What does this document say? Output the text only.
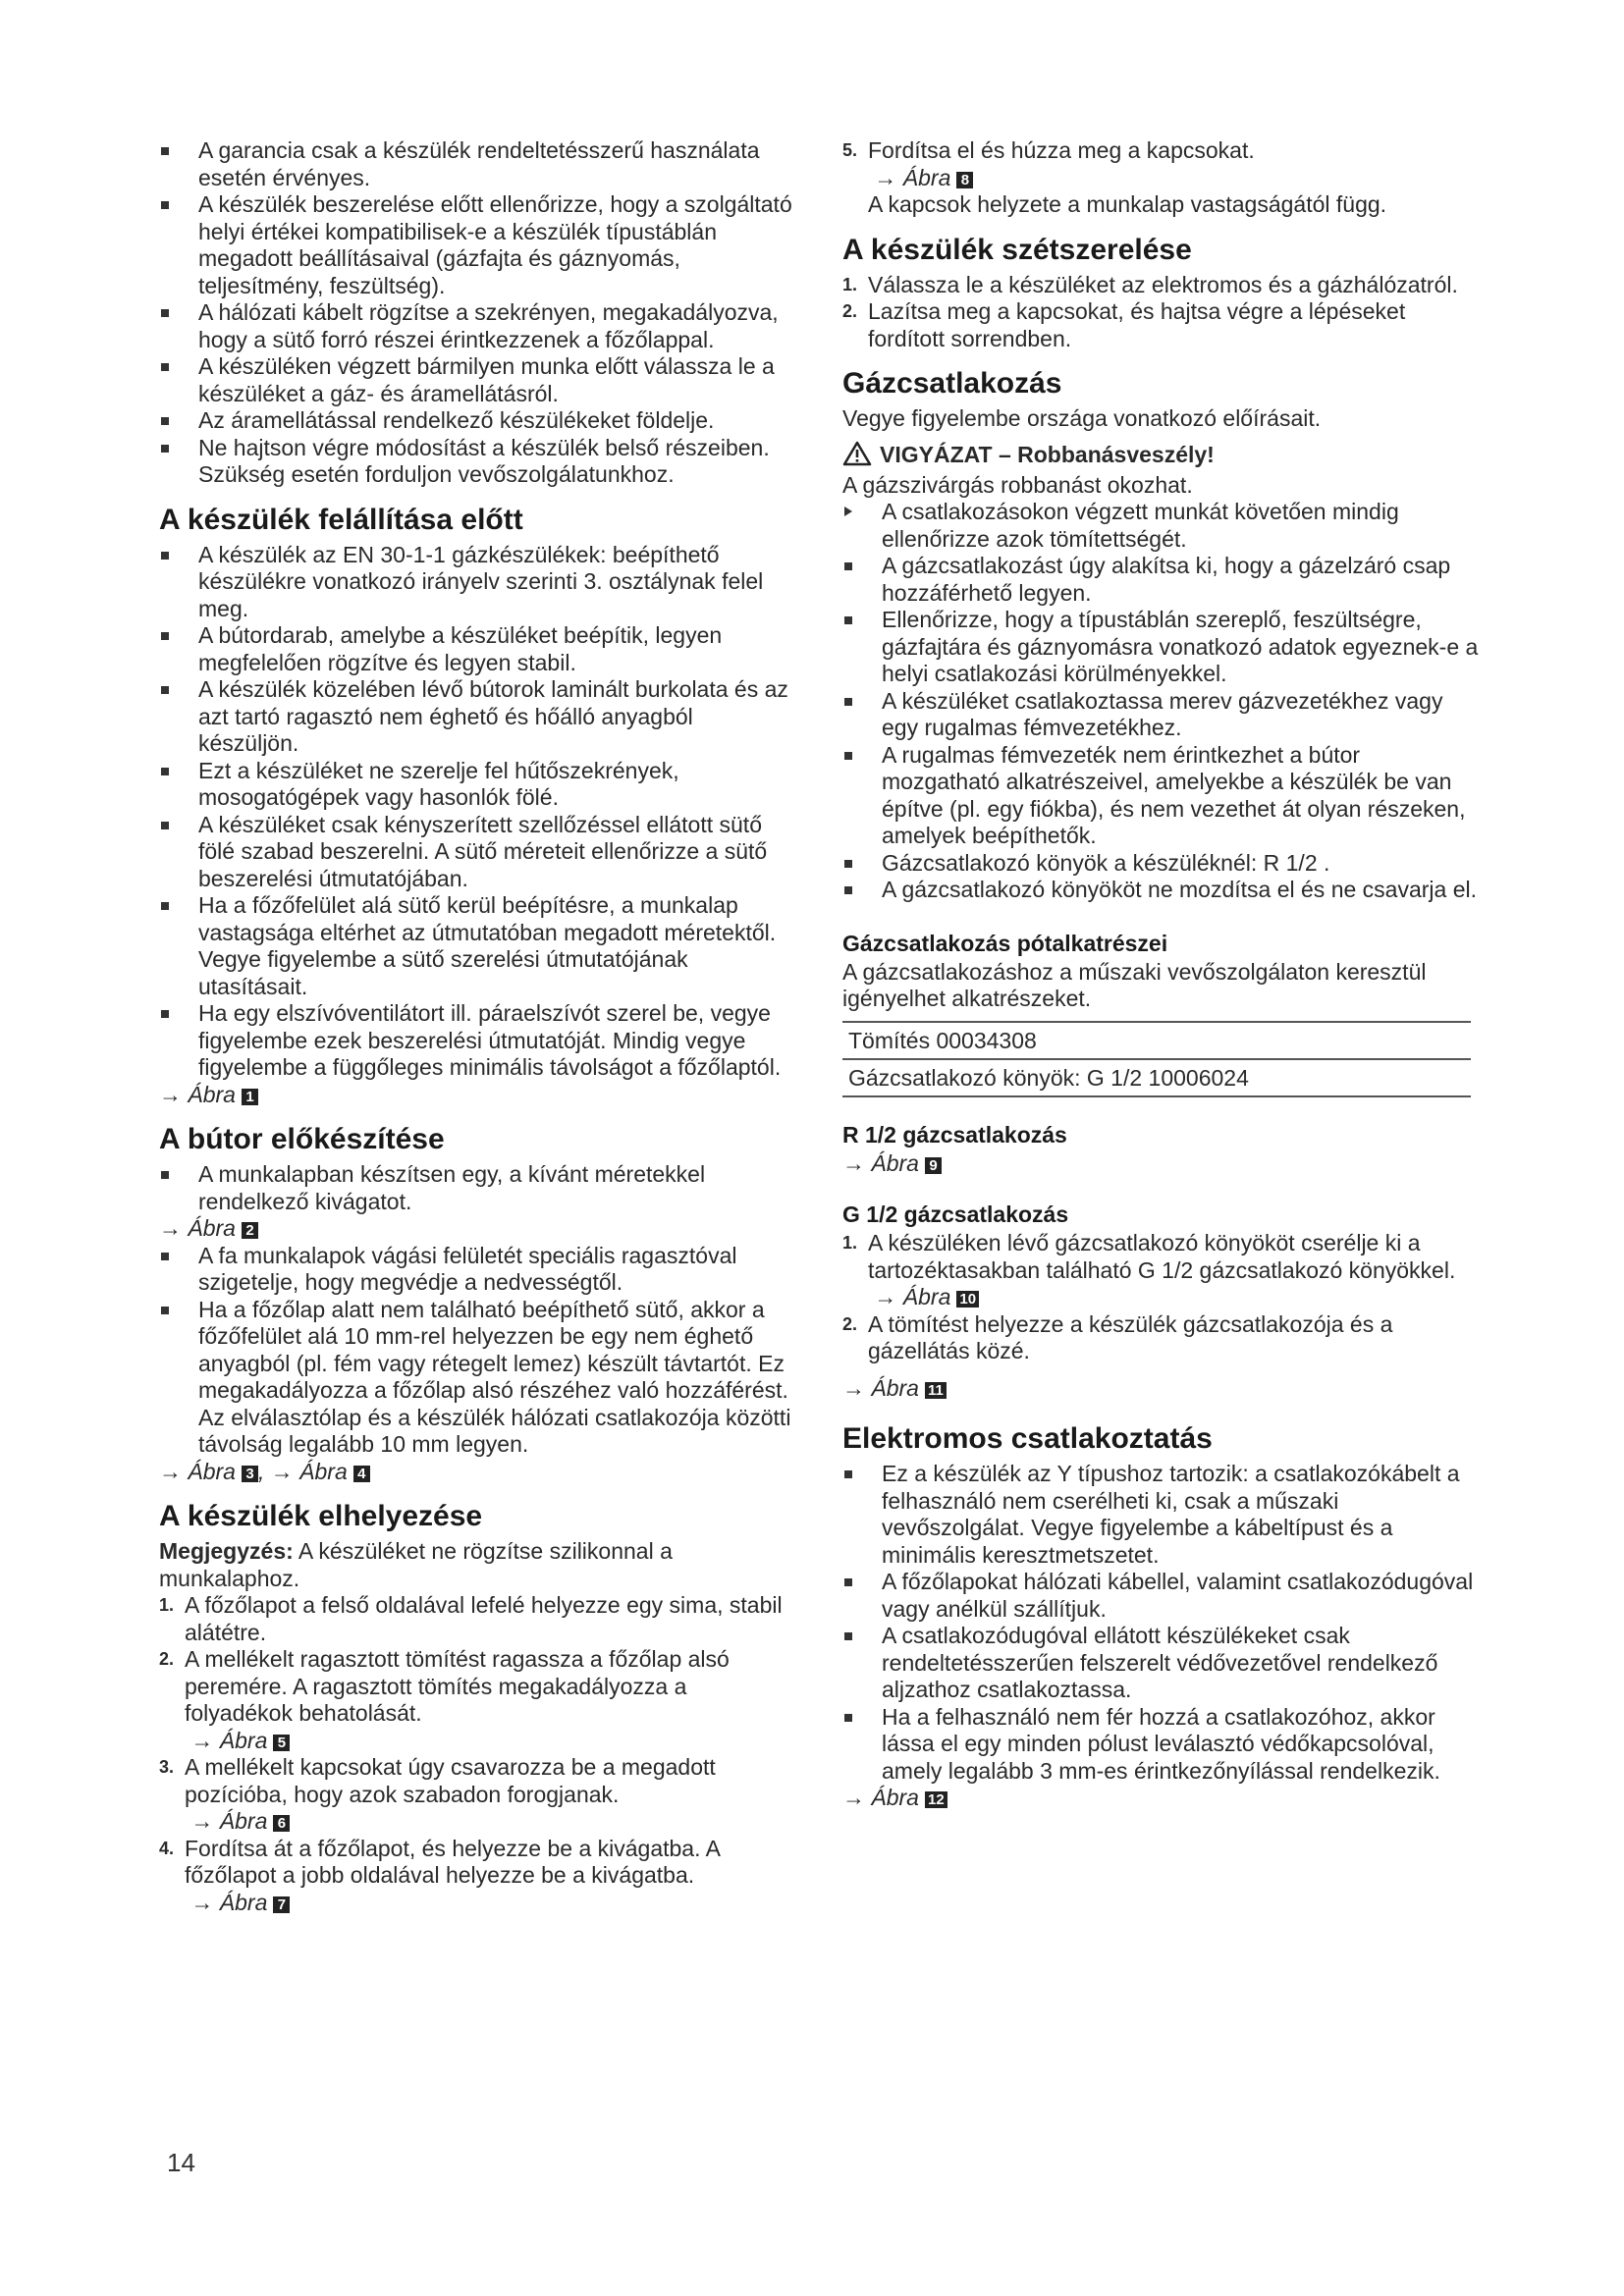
A garancia csak a készülék rendeltetésszerű használata esetén érvényes.
A készülék beszerelése előtt ellenőrizze, hogy a szolgáltató helyi értékei kompatibilisek-e a készülék típustáblán megadott beállításaival (gázfajta és gáznyomás, teljesítmény, feszültség).
A hálózati kábelt rögzítse a szekrényen, megakadályozva, hogy a sütő forró részei érintkezzenek a főzőlappal.
A készüléken végzett bármilyen munka előtt válassza le a készüléket a gáz- és áramellátásról.
Az áramellátással rendelkező készülékeket földelje.
Ne hajtson végre módosítást a készülék belső részeiben. Szükség esetén forduljon vevőszolgálatunkhoz.
A készülék felállítása előtt
A készülék az EN 30-1-1 gázkészülékek: beépíthető készülékre vonatkozó irányelv szerinti 3. osztálynak felel meg.
A bútordarab, amelybe a készüléket beépítik, legyen megfelelően rögzítve és legyen stabil.
A készülék közelében lévő bútorok laminált burkolata és az azt tartó ragasztó nem éghető és hőálló anyagból készüljön.
Ezt a készüléket ne szerelje fel hűtőszekrények, mosogatógépek vagy hasonlók fölé.
A készüléket csak kényszerített szellőzéssel ellátott sütő fölé szabad beszerelni. A sütő méreteit ellenőrizze a sütő beszerelési útmutatójában.
Ha a főzőfelület alá sütő kerül beépítésre, a munkalap vastagsága eltérhet az útmutatóban megadott méretektől. Vegye figyelembe a sütő szerelési útmutatójának utasításait.
Ha egy elszívóventilátort ill. páraelszívót szerel be, vegye figyelembe ezek beszerelési útmutatóját. Mindig vegye figyelembe a függőleges minimális távolságot a főzőlaptól.

→ Ábra 1

A bútor előkészítése
A munkalapban készítsen egy, a kívánt méretekkel rendelkező kivágatot.
→ Ábra 2
A fa munkalapok vágási felületét speciális ragasztóval szigetelje, hogy megvédje a nedvességtől.
Ha a főzőlap alatt nem található beépíthető sütő, akkor a főzőfelület alá 10 mm-rel helyezzen be egy nem éghető anyagból (pl. fém vagy rétegelt lemez) készült távtartót. Ez megakadályozza a főzőlap alsó részéhez való hozzáférést. Az elválasztólap és a készülék hálózati csatlakozója közötti távolság legalább 10 mm legyen.

→ Ábra 3 , → Ábra 4

A készülék elhelyezése

Megjegyzés: A készüléket ne rögzítse szilikonnal a munkalaphoz.

1. A főzőlapot a felső oldalával lefelé helyezze egy sima, stabil alátétre.
2. A mellékelt ragasztott tömítést ragassza a főzőlap alsó peremére. A ragasztott tömítés megakadályozza a folyadékok behatolását.
→ Ábra 5
3. A mellékelt kapcsokat úgy csavarozza be a megadott pozícióba, hogy azok szabadon forogjanak.
→ Ábra 6
4. Fordítsa át a főzőlapot, és helyezze be a kivágatba. A főzőlapot a jobb oldalával helyezze be a kivágatba.
→ Ábra 7
5. Fordítsa el és húzza meg a kapcsokat.
→ Ábra 8
A kapcsok helyzete a munkalap vastagságától függ.
A készülék szétszerelése
1. Válassza le a készüléket az elektromos és a gázhálózatról.
2. Lazítsa meg a kapcsokat, és hajtsa végre a lépéseket fordított sorrendben.
Gázcsatlakozás

Vegye figyelembe országa vonatkozó előírásait.

VIGYÁZAT – Robbanásveszély!

A gázszivárgás robbanást okozhat.

A csatlakozásokon végzett munkát követően mindig ellenőrizze azok tömítettségét.
A gázcsatlakozást úgy alakítsa ki, hogy a gázelzáró csap hozzáférhető legyen.
Ellenőrizze, hogy a típustáblán szereplő, feszültségre, gázfajtára és gáznyomásra vonatkozó adatok egyeznek-e a helyi csatlakozási körülményekkel.
A készüléket csatlakoztassa merev gázvezetékhez vagy egy rugalmas fémvezetékhez.
A rugalmas fémvezeték nem érintkezhet a bútor mozgatható alkatrészeivel, amelyekbe a készülék be van építve (pl. egy fiókba), és nem vezethet át olyan részeken, amelyek beépíthetők.
Gázcsatlakozó könyök a készüléknél: R 1/2 .
A gázcsatlakozó könyököt ne mozdítsa el és ne csavarja el.
Gázcsatlakozás pótalkatrészei

A gázcsatlakozáshoz a műszaki vevőszolgálaton keresztül igényelhet alkatrészeket.

Tömítés 00034308
Gázcsatlakozó könyök: G 1/2 10006024
R 1/2 gázcsatlakozás

→ Ábra 9

G 1/2 gázcsatlakozás
1. A készüléken lévő gázcsatlakozó könyököt cserélje ki a tartozéktasakban található G 1/2 gázcsatlakozó könyökkel.
→ Ábra 10
2. A tömítést helyezze a készülék gázcsatlakozója és a gázellátás közé.

→ Ábra 11

Elektromos csatlakoztatás
Ez a készülék az Y típushoz tartozik: a csatlakozókábelt a felhasználó nem cserélheti ki, csak a műszaki vevőszolgálat. Vegye figyelembe a kábeltípust és a minimális keresztmetszetet.
A főzőlapokat hálózati kábellel, valamint csatlakozódugóval vagy anélkül szállítjuk.
A csatlakozódugóval ellátott készülékeket csak rendeltetésszerűen felszerelt védővezetővel rendelkező aljzathoz csatlakoztassa.
Ha a felhasználó nem fér hozzá a csatlakozóhoz, akkor lássa el egy minden pólust leválasztó védőkapcsolóval, amely legalább 3 mm-es érintkezőnyílással rendelkezik.

→ Ábra 12

14
